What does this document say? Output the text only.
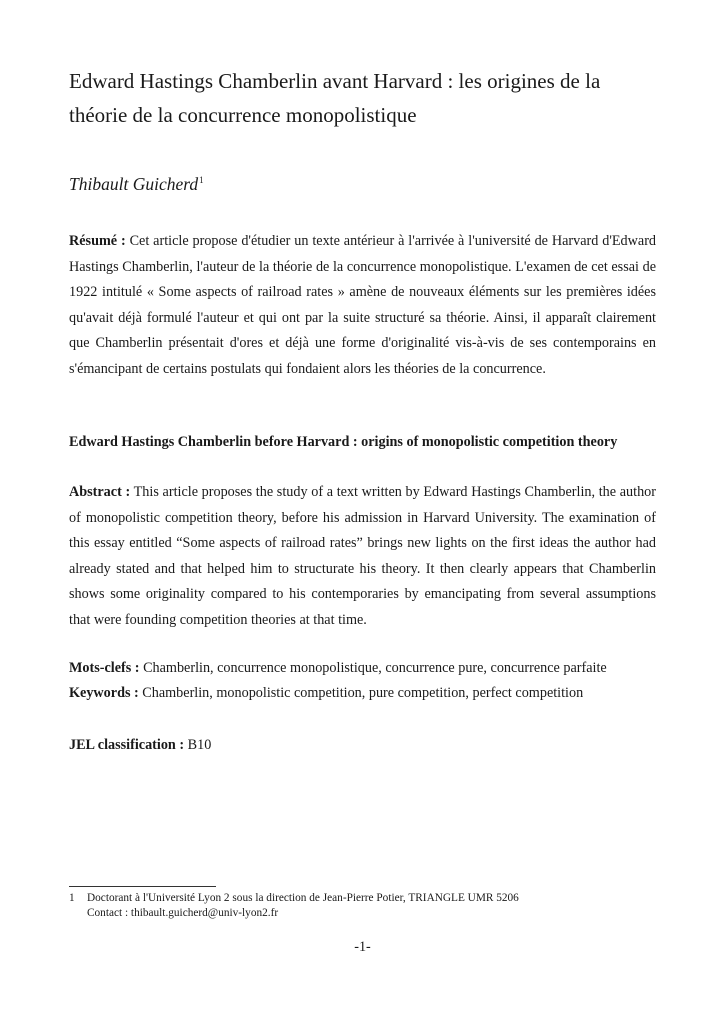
Edward Hastings Chamberlin avant Harvard : les origines de la théorie de la concurrence monopolistique
Thibault Guicherd$^1$

Résumé : Cet article propose d'étudier un texte antérieur à l'arrivée à l'université de Harvard d'Edward Hastings Chamberlin, l'auteur de la théorie de la concurrence monopolistique. L'examen de cet essai de 1922 intitulé « Some aspects of railroad rates » amène de nouveaux éléments sur les premières idées qu'avait déjà formulé l'auteur et qui ont par la suite structuré sa théorie. Ainsi, il apparaît clairement que Chamberlin présentait d'ores et déjà une forme d'originalité vis-à-vis de ses contemporains en s'émancipant de certains postulats qui fondaient alors les théories de la concurrence.

Edward Hastings Chamberlin before Harvard : origins of monopolistic competition theory

Abstract : This article proposes the study of a text written by Edward Hastings Chamberlin, the author of monopolistic competition theory, before his admission in Harvard University. The examination of this essay entitled “Some aspects of railroad rates” brings new lights on the first ideas the author had already stated and that helped him to structurate his theory. It then clearly appears that Chamberlin shows some originality compared to his contemporaries by emancipating from several assumptions that were founding competition theories at that time.

Mots-clefs : Chamberlin, concurrence monopolistique, concurrence pure, concurrence parfaite

Keywords : Chamberlin, monopolistic competition, pure competition, perfect competition

JEL classification : B10

1	Doctorant à l'Université Lyon 2 sous la direction de Jean-Pierre Potier, TRIANGLE UMR 5206
Contact : thibault.guicherd@univ-lyon2.fr
-1-
